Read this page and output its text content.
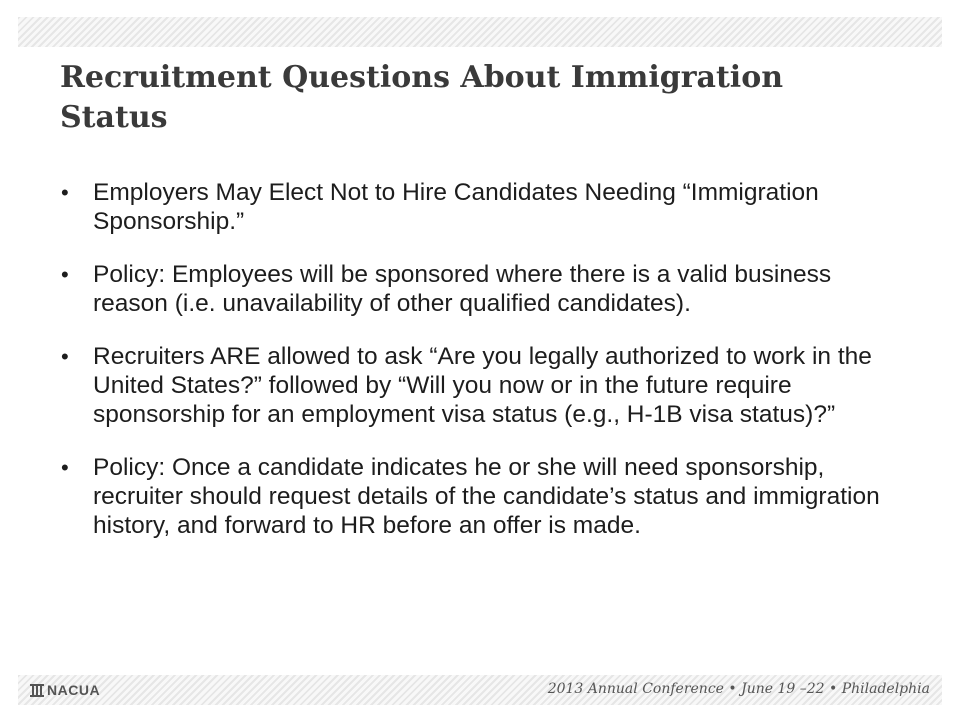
Recruitment Questions About Immigration Status
• Employers May Elect Not to Hire Candidates Needing “Immigration Sponsorship.”
• Policy: Employees will be sponsored where there is a valid business reason (i.e. unavailability of other qualified candidates).
• Recruiters ARE allowed to ask “Are you legally authorized to work in the United States?” followed by “Will you now or in the future require sponsorship for an employment visa status (e.g., H-1B visa status)?”
• Policy: Once a candidate indicates he or she will need sponsorship, recruiter should request details of the candidate’s status and immigration history, and forward to HR before an offer is made.
NACUA	2013 Annual Conference • June 19 –22 • Philadelphia
